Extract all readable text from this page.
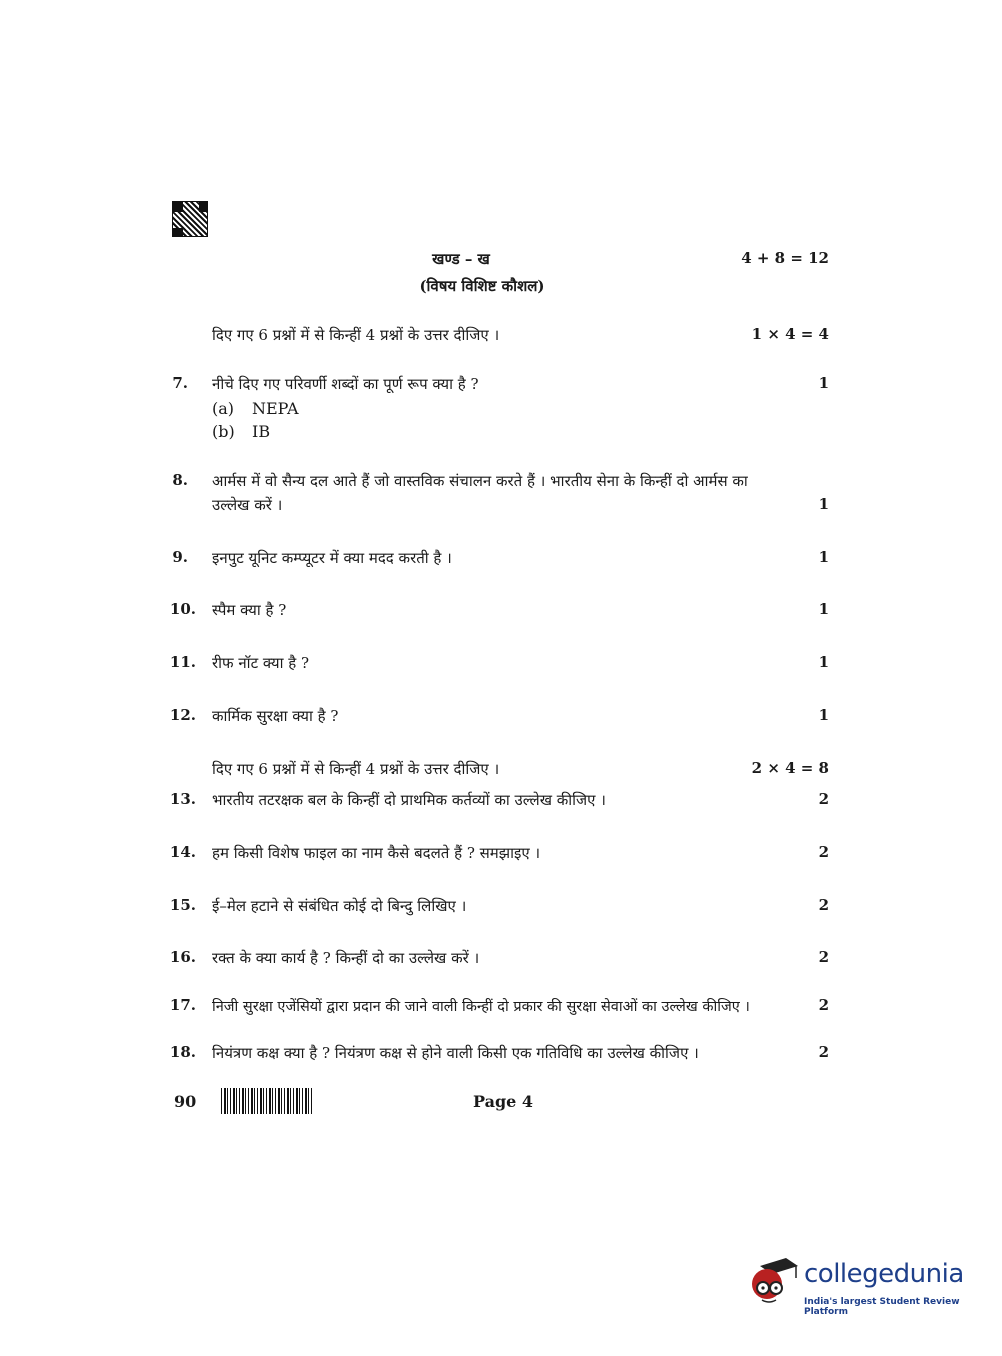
खण्ड – ख	4 + 8 = 12
(विषय विशिष्ट कौशल)
दिए गए 6 प्रश्नों में से किन्हीं 4 प्रश्नों के उत्तर दीजिए ।	1 × 4 = 4
7. नीचे दिए गए परिवर्णी शब्दों का पूर्ण रूप क्या है ?	1
(a) NEPA
(b) IB
8. आर्मस में वो सैन्य दल आते हैं जो वास्तविक संचालन करते हैं । भारतीय सेना के किन्हीं दो आर्मस का
उल्लेख करें ।	1
9. इनपुट यूनिट कम्प्यूटर में क्या मदद करती है ।	1
10. स्पैम क्या है ?	1
11. रीफ नॉट क्या है ?	1
12. कार्मिक सुरक्षा क्या है ?	1
दिए गए 6 प्रश्नों में से किन्हीं 4 प्रश्नों के उत्तर दीजिए ।	2 × 4 = 8
13. भारतीय तटरक्षक बल के किन्हीं दो प्राथमिक कर्तव्यों का उल्लेख कीजिए ।	2
14. हम किसी विशेष फाइल का नाम कैसे बदलते हैं ? समझाइए ।	2
15. ई–मेल हटाने से संबंधित कोई दो बिन्दु लिखिए ।	2
16. रक्त के क्या कार्य है ? किन्हीं दो का उल्लेख करें ।	2
17. निजी सुरक्षा एजेंसियों द्वारा प्रदान की जाने वाली किन्हीं दो प्रकार की सुरक्षा सेवाओं का उल्लेख कीजिए ।	2
18. नियंत्रण कक्ष क्या है ? नियंत्रण कक्ष से होने वाली किसी एक गतिविधि का उल्लेख कीजिए ।	2
90	Page 4
collegedunia
India's largest Student Review Platform
